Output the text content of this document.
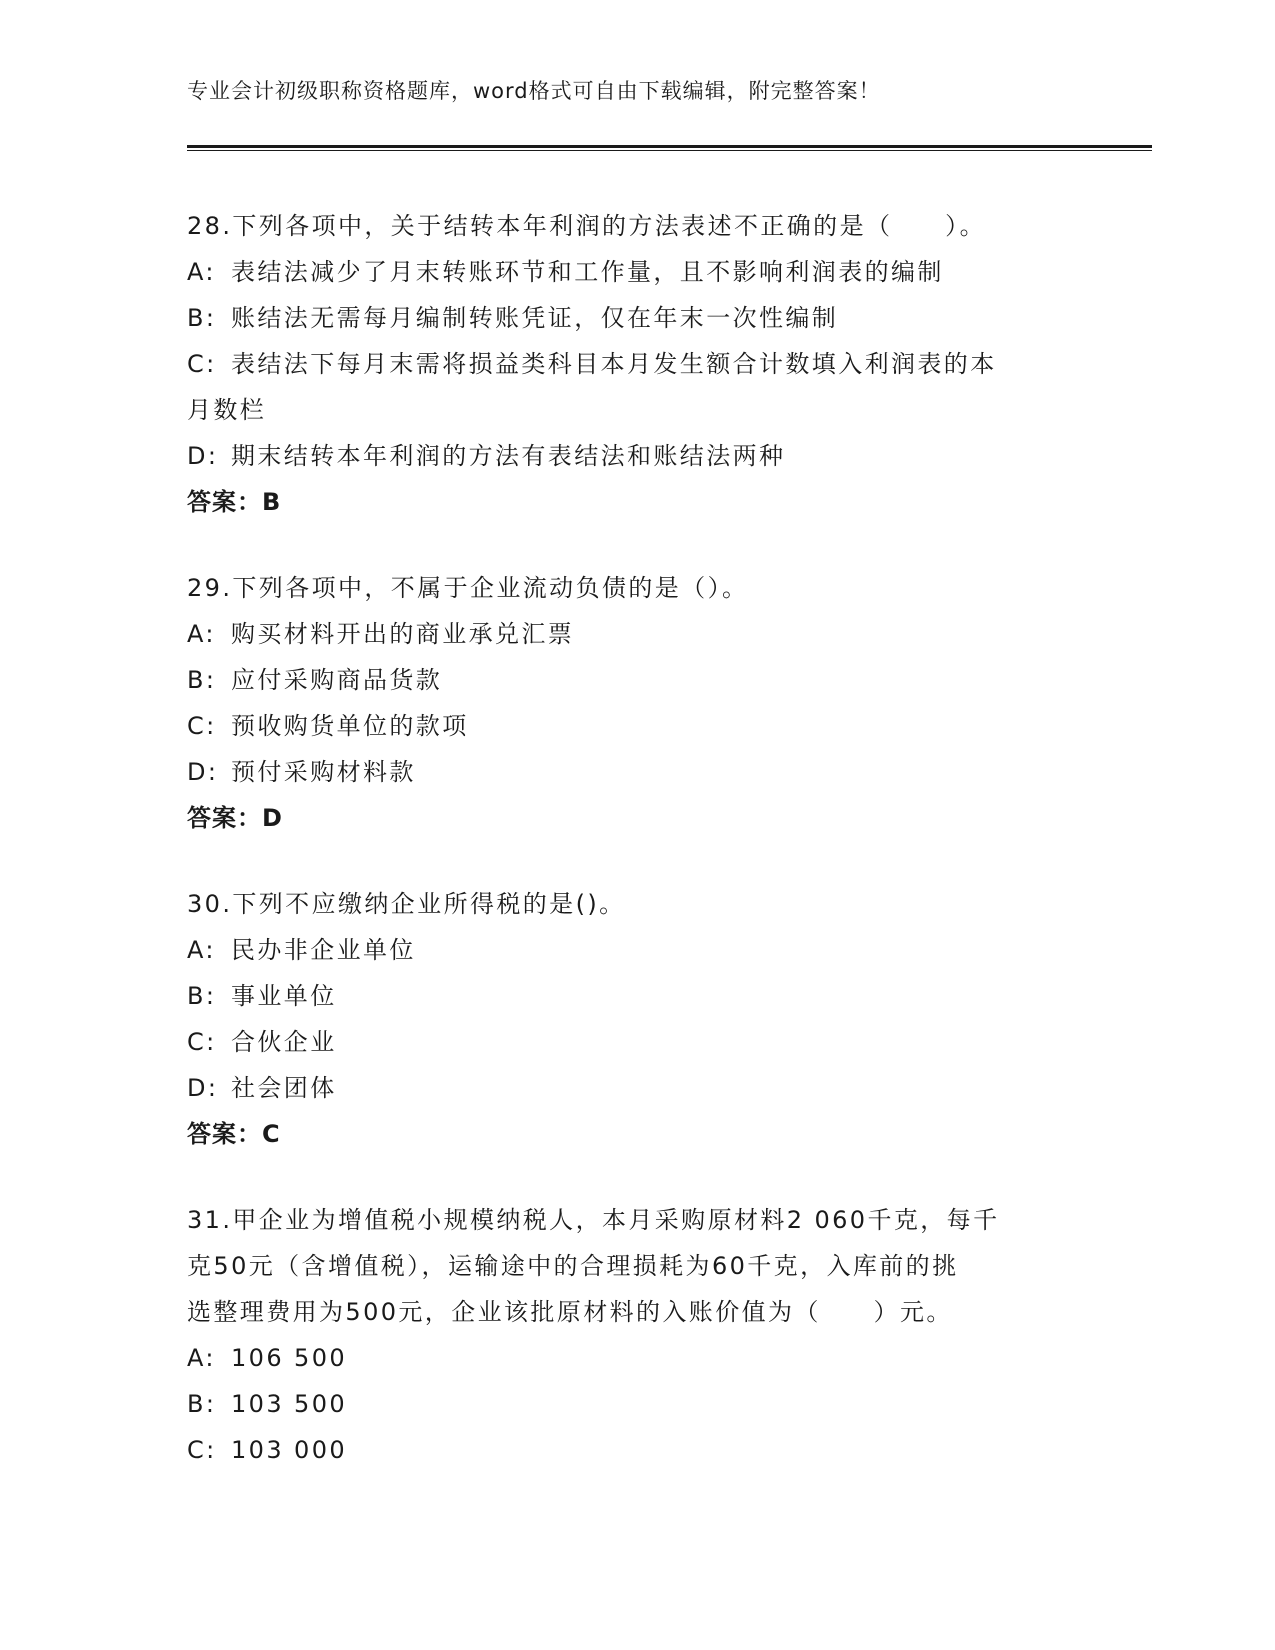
专业会计初级职称资格题库，word格式可自由下载编辑，附完整答案！
28.下列各项中，关于结转本年利润的方法表述不正确的是（　　）。
A: 表结法减少了月末转账环节和工作量，且不影响利润表的编制
B: 账结法无需每月编制转账凭证，仅在年末一次性编制
C: 表结法下每月末需将损益类科目本月发生额合计数填入利润表的本
月数栏
D: 期末结转本年利润的方法有表结法和账结法两种
答案：B
29.下列各项中，不属于企业流动负债的是（）。
A: 购买材料开出的商业承兑汇票
B: 应付采购商品货款
C: 预收购货单位的款项
D: 预付采购材料款
答案：D
30.下列不应缴纳企业所得税的是()。
A: 民办非企业单位
B: 事业单位
C: 合伙企业
D: 社会团体
答案：C
31.甲企业为增值税小规模纳税人，本月采购原材料2 060千克，每千
克50元（含增值税），运输途中的合理损耗为60千克，入库前的挑
选整理费用为500元，企业该批原材料的入账价值为（　　）元。
A: 106 500
B: 103 500
C: 103 000
